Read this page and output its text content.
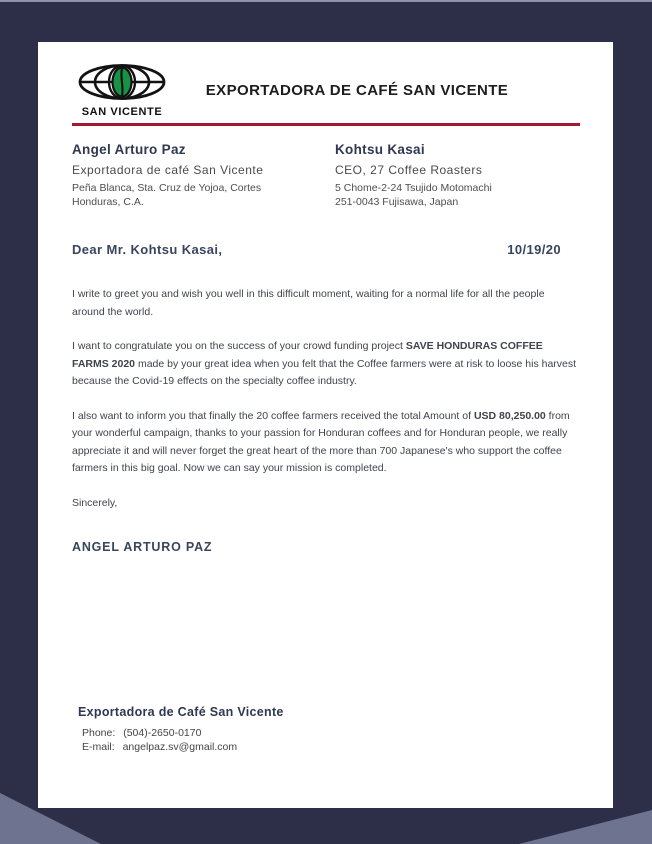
SAN VICENTE
EXPORTADORA DE CAFÉ SAN VICENTE
Angel Arturo Paz
Exportadora de café San Vicente
Peña Blanca, Sta. Cruz de Yojoa, Cortes
Honduras, C.A.
Kohtsu Kasai
CEO, 27 Coffee Roasters
5 Chome-2-24 Tsujido Motomachi
251-0043 Fujisawa, Japan
Dear Mr. Kohtsu Kasai,	10/19/20

I write to greet you and wish you well in this difficult moment, waiting for a normal life for all the people around the world.

I want to congratulate you on the success of your crowd funding project SAVE HONDURAS COFFEE FARMS 2020 made by your great idea when you felt that the Coffee farmers were at risk to loose his harvest because the Covid-19 effects on the specialty coffee industry.

I also want to inform you that finally the 20 coffee farmers received the total Amount of USD 80,250.00 from your wonderful campaign, thanks to your passion for Honduran coffees and for Honduran people, we really appreciate it and will never forget the great heart of the more than 700 Japanese's who support the coffee farmers in this big goal. Now we can say your mission is completed.

Sincerely,
ANGEL ARTURO PAZ
Exportadora de Café San Vicente
Phone: (504)-2650-0170
E-mail: angelpaz.sv@gmail.com
